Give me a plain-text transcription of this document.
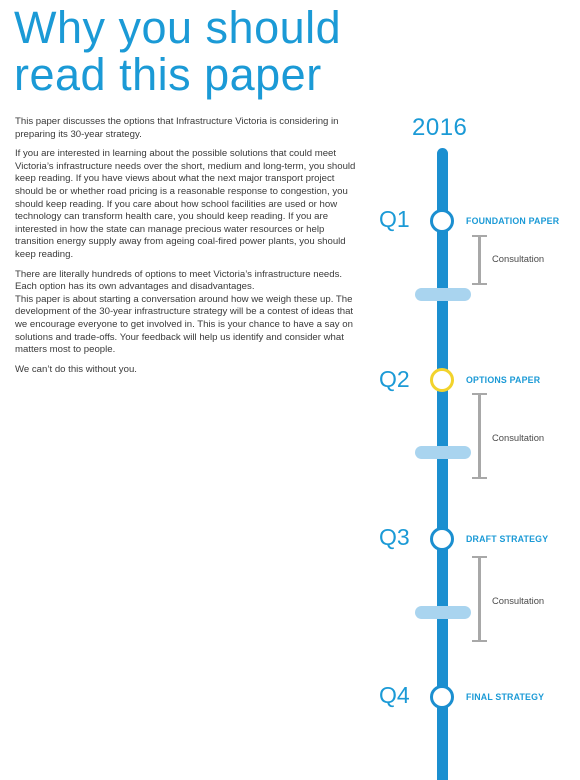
Why you should
read this paper

This paper discusses the options that Infrastructure Victoria is considering in preparing its 30-year strategy.

If you are interested in learning about the possible solutions that could meet Victoria’s infrastructure needs over the short, medium and long-term, you should keep reading. If you have views about what the next major transport project should be or whether road pricing is a reasonable response to congestion, you should keep reading. If you care about how school facilities are used or how technology can transform health care, you should keep reading. If you are interested in how the state can manage precious water resources or help transition energy supply away from ageing coal-fired power plants, you should keep reading.

There are literally hundreds of options to meet Victoria’s infrastructure needs. Each option has its own advantages and disadvantages.

This paper is about starting a conversation around how we weigh these up. The development of the 30-year infrastructure strategy will be a contest of ideas that we encourage everyone to get involved in. This is your chance to have a say on solutions and trade-offs. Your feedback will help us identify and consider what matters most to people.

We can’t do this without you.

2016
Q1	FOUNDATION PAPER
Consultation
Q2	OPTIONS PAPER
Consultation
Q3	DRAFT STRATEGY
Consultation
Q4	FINAL STRATEGY
